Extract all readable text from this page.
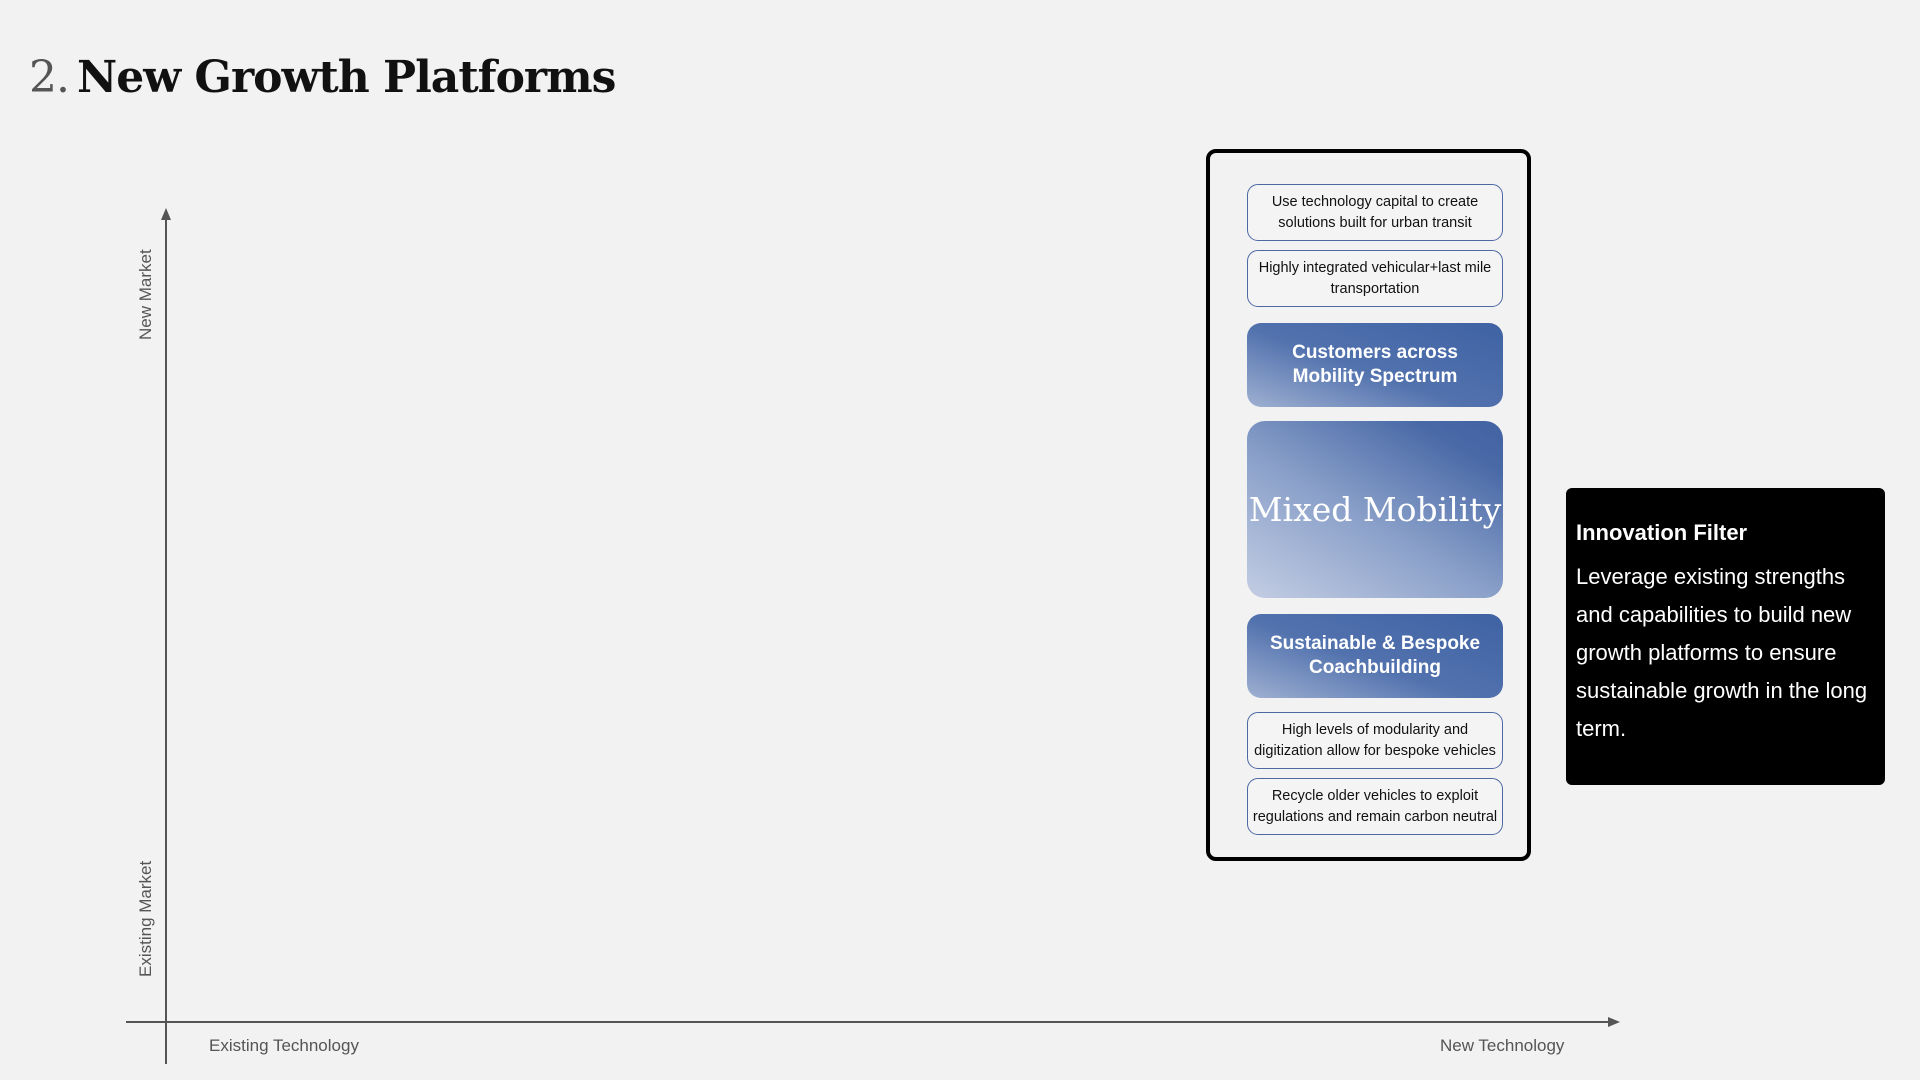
2. New Growth Platforms
New Market
Existing Market
Existing Technology	New Technology
Use technology capital to create solutions built for urban transit
Highly integrated vehicular+last mile transportation
Customers across Mobility Spectrum
Mixed Mobility
Sustainable & Bespoke Coachbuilding
High levels of modularity and digitization allow for bespoke vehicles
Recycle older vehicles to exploit regulations and remain carbon neutral
Innovation Filter

Leverage existing strengths and capabilities to build new growth platforms to ensure sustainable growth in the long term.
